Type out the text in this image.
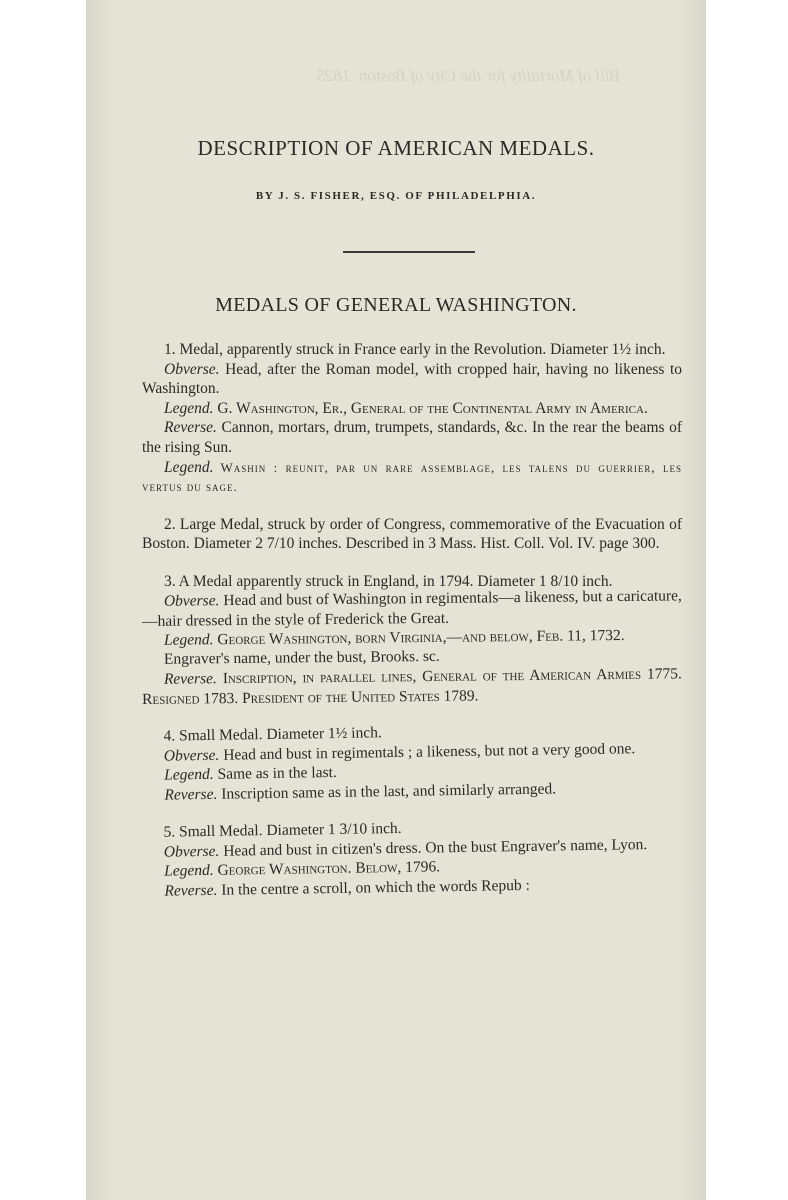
Bill of Mortality for the City of Boston. 1825
DESCRIPTION OF AMERICAN MEDALS.
BY J. S. FISHER, ESQ. OF PHILADELPHIA.
MEDALS OF GENERAL WASHINGTON.

1. Medal, apparently struck in France early in the Revolution. Diameter 1½ inch.

Obverse. Head, after the Roman model, with cropped hair, having no likeness to Washington.

Legend. G. Washington, Er., General of the Continental Army in America.

Reverse. Cannon, mortars, drum, trumpets, standards, &c. In the rear the beams of the rising Sun.

Legend. Washin : reunit, par un rare assemblage, les talens du guerrier, les vertus du sage.

2. Large Medal, struck by order of Congress, commemorative of the Evacuation of Boston. Diameter 2 7/10 inches. Described in 3 Mass. Hist. Coll. Vol. IV. page 300.

3. A Medal apparently struck in England, in 1794. Diameter 1 8/10 inch.

Obverse. Head and bust of Washington in regimentals—a likeness, but a caricature,—hair dressed in the style of Frederick the Great.

Legend. George Washington, born Virginia,—and below, Feb. 11, 1732.

Engraver's name, under the bust, Brooks. sc.

Reverse. Inscription, in parallel lines, General of the American Armies 1775. Resigned 1783. President of the United States 1789.

4. Small Medal. Diameter 1½ inch.

Obverse. Head and bust in regimentals ; a likeness, but not a very good one.

Legend. Same as in the last.

Reverse. Inscription same as in the last, and similarly arranged.

5. Small Medal. Diameter 1 3/10 inch.

Obverse. Head and bust in citizen's dress. On the bust Engraver's name, Lyon.

Legend. George Washington. Below, 1796.

Reverse. In the centre a scroll, on which the words Repub :
